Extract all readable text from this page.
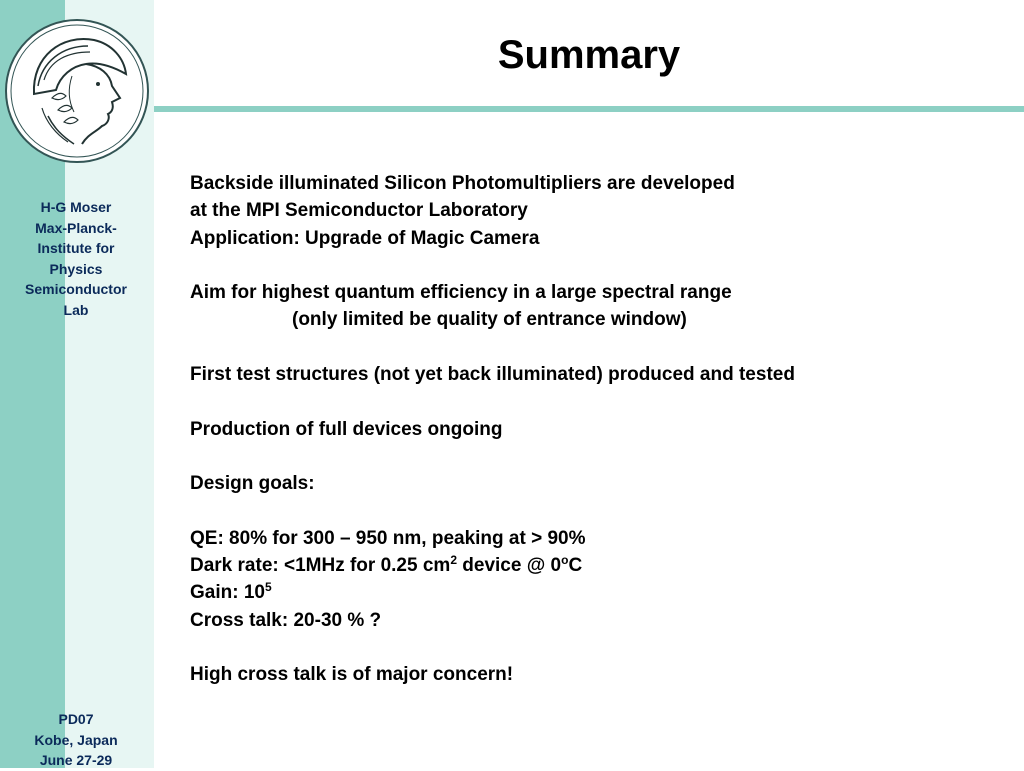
H-G Moser
Max-Planck-
Institute for
Physics
Semiconductor
Lab
PD07
Kobe, Japan
June 27-29
Summary
Backside illuminated Silicon Photomultipliers are developed
at the MPI Semiconductor Laboratory
Application: Upgrade of Magic Camera
Aim for highest quantum efficiency in a large spectral range
(only limited be quality of entrance window)
First test structures (not yet back illuminated) produced and tested
Production of full devices ongoing
Design goals:
QE: 80% for 300 – 950 nm, peaking at > 90%
Dark rate: <1MHz for 0.25 $cm^2$ device @ 0$^o$C
Gain: $10^5$
Cross talk: 20-30 % ?
High cross talk is of major concern!
